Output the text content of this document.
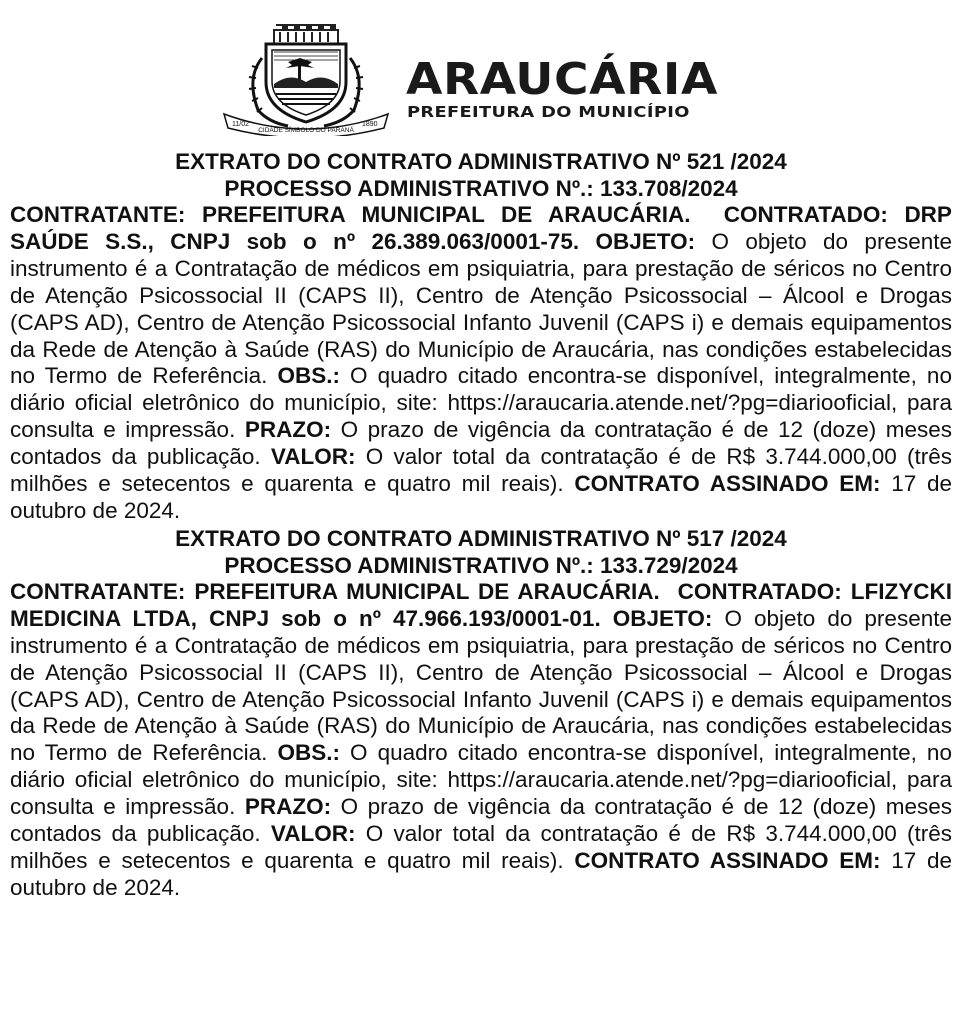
11/02
CIDADE SÍMBOLO DO PARANÁ
1890
ARAUCÁRIA
PREFEITURA DO MUNICÍPIO
EXTRATO DO CONTRATO ADMINISTRATIVO Nº 521 /2024
PROCESSO ADMINISTRATIVO Nº.: 133.708/2024
CONTRATANTE: PREFEITURA MUNICIPAL DE ARAUCÁRIA. CONTRATADO: DRP SAÚDE S.S., CNPJ sob o nº 26.389.063/0001-75. OBJETO: O objeto do presente instrumento é a Contratação de médicos em psiquiatria, para prestação de séricos no Centro de Atenção Psicossocial II (CAPS II), Centro de Atenção Psicossocial – Álcool e Drogas (CAPS AD), Centro de Atenção Psicossocial Infanto Juvenil (CAPS i) e demais equipamentos da Rede de Atenção à Saúde (RAS) do Município de Araucária, nas condições estabelecidas no Termo de Referência. OBS.: O quadro citado encontra-se disponível, integralmente, no diário oficial eletrônico do município, site: https://araucaria.atende.net/?pg=diariooficial, para consulta e impressão. PRAZO: O prazo de vigência da contratação é de 12 (doze) meses contados da publicação. VALOR: O valor total da contratação é de R$ 3.744.000,00 (três milhões e setecentos e quarenta e quatro mil reais). CONTRATO ASSINADO EM: 17 de outubro de 2024.
EXTRATO DO CONTRATO ADMINISTRATIVO Nº 517 /2024
PROCESSO ADMINISTRATIVO Nº.: 133.729/2024
CONTRATANTE: PREFEITURA MUNICIPAL DE ARAUCÁRIA. CONTRATADO: LFIZYCKI MEDICINA LTDA, CNPJ sob o nº 47.966.193/0001-01. OBJETO: O objeto do presente instrumento é a Contratação de médicos em psiquiatria, para prestação de séricos no Centro de Atenção Psicossocial II (CAPS II), Centro de Atenção Psicossocial – Álcool e Drogas (CAPS AD), Centro de Atenção Psicossocial Infanto Juvenil (CAPS i) e demais equipamentos da Rede de Atenção à Saúde (RAS) do Município de Araucária, nas condições estabelecidas no Termo de Referência. OBS.: O quadro citado encontra-se disponível, integralmente, no diário oficial eletrônico do município, site: https://araucaria.atende.net/?pg=diariooficial, para consulta e impressão. PRAZO: O prazo de vigência da contratação é de 12 (doze) meses contados da publicação. VALOR: O valor total da contratação é de R$ 3.744.000,00 (três milhões e setecentos e quarenta e quatro mil reais). CONTRATO ASSINADO EM: 17 de outubro de 2024.
